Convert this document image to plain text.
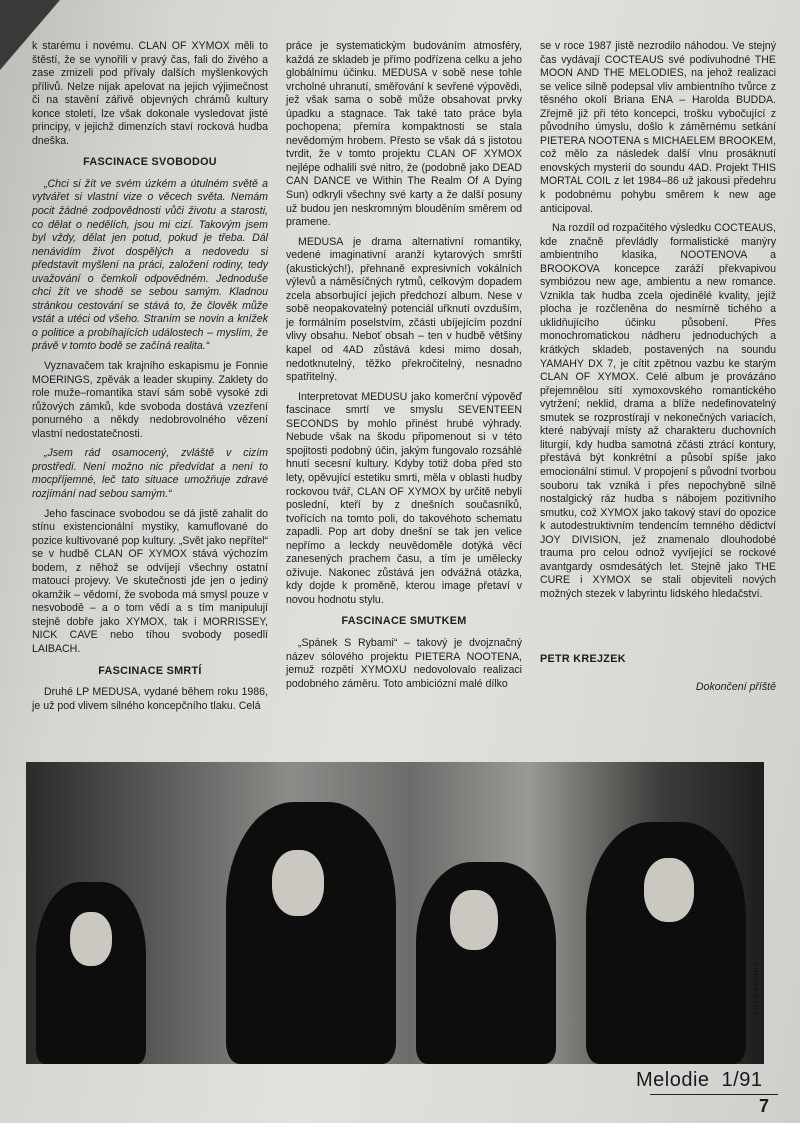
k starému i novému. CLAN OF XYMOX měli to štěstí, že se vynořili v pravý čas, fali do živého a zase zmizeli pod přívaly dalších myšlenkových přílivů. Nelze nijak apelovat na jejich výjimečnost či na stavění zářivě objevných chrámů kultury konce století, lze však dokonale vysledovat jisté principy, v jejichž dimenzích staví rocková hudba dneška.

FASCINACE SVOBODOU

„Chci si žít ve svém úzkém a útulném světě a vytvářet si vlastní vize o věcech světa. Nemám pocit žádné zodpovědnosti vůči životu a starosti, co dělat o nedělích, jsou mi cizí. Takovým jsem byl vždy, dělat jen potud, pokud je třeba. Dál nenávidím život dospělých a nedovedu si představit myšlení na práci, založení rodiny, tedy uvažování o čemkoli odpovědném. Jednoduše chci žít ve shodě se sebou samým. Kladnou stránkou cestování se stává to, že člověk může vstát a utéci od všeho. Straním se novin a knížek o politice a probíhajících událostech – myslím, že právě v tomto bodě se začíná realita.“

Vyznavačem tak krajního eskapismu je Fonnie MOERINGS, zpěvák a leader skupiny. Zaklety do role muže–romantika staví sám sobě vysoké zdi růžových zámků, kde svoboda dostává vzezření ponurného a někdy nedobrovolného vězení vlastní nedostatečnosti.

„Jsem rád osamocený, zvláště v cizím prostředí. Není možno nic předvídat a není to mocpříjemné, leč tato situace umožňuje zdravé rozjímání nad sebou samým.“

Jeho fascinace svobodou se dá jistě zahalit do stínu existencionální mystiky, kamuflované do pozice kultivované pop kultury. „Svět jako nepřítel“ se v hudbě CLAN OF XYMOX stává výchozím bodem, z něhož se odvíjejí všechny ostatní matoucí projevy. Ve skutečnosti jde jen o jediný okamžik – vědomí, že svoboda má smysl pouze v nesvobodě – a o tom vědí a s tím manipulují stejně dobře jako XYMOX, tak i MORRISSEY, NICK CAVE nebo tíhou svobody posedlí LAIBACH.

FASCINACE SMRTÍ

Druhé LP MEDUSA, vydané během roku 1986, je už pod vlivem silného koncepčního tlaku. Celá

práce je systematickým budováním atmosféry, každá ze skladeb je přímo podřízena celku a jeho globálnímu účinku. MEDUSA v sobě nese tohle vrcholné uhranutí, směřování k sevřené výpovědi, jež však sama o sobě může obsahovat prvky úpadku a stagnace. Tak také tato práce byla pochopena; přemíra kompaktnosti se stala nevědomým hrobem. Přesto se však dá s jistotou tvrdit, že v tomto projektu CLAN OF XYMOX nejlépe odhalili své nitro, že (podobně jako DEAD CAN DANCE ve Within The Realm Of A Dying Sun) odkryli všechny své karty a že další posuny už budou jen neskromným blouděním směrem od pramene.

MEDUSA je drama alternativní romantiky, vedené imaginativní aranží kytarových smrští (akustických!), přehnaně expresivních vokálních výlevů a náměsíčných rytmů, celkovým dopadem zcela absorbující jejich předchozí album. Nese v sobě neopakovatelný potenciál uřknutí ovzduším, je formálním poselstvím, zčásti ubíjejícím pozdní vlivy obsahu. Neboť obsah – ten v hudbě většiny kapel od 4AD zůstává kdesi mimo dosah, nedotknutelný, těžko překročitelný, nesnadno spatřitelný.

Interpretovat MEDUSU jako komerční výpověď fascinace smrtí ve smyslu SEVENTEEN SECONDS by mohlo přinést hrubé výhrady. Nebude však na škodu připomenout si v této spojitosti podobný účin, jakým fungovalo rozsáhlé hnutí secesní kultury. Kdyby totiž doba před sto lety, opěvující estetiku smrti, měla v oblasti hudby rockovou tvář, CLAN OF XYMOX by určitě nebyli poslední, kteří by z dnešních současníků, tvořících na tomto poli, do takovéhoto schematu zapadli. Pop art doby dnešní se tak jen velice nepřímo a leckdy neuvědoměle dotýká věcí zanesených prachem času, a tím je umělecky oživuje. Nakonec zůstává jen odvážná otázka, kdy dojde k proměně, kterou image přetaví v novou hodnotu stylu.

FASCINACE SMUTKEM

„Spánek S Rybami“ – takový je dvojznačný název sólového projektu PIETERA NOOTENA, jemuž rozpětí XYMOXU nedovolovalo realizaci podobného záměru. Toto ambiciózní malé dílko

se v roce 1987 jistě nezrodilo náhodou. Ve stejný čas vydávají COCTEAUS své podivuhodné THE MOON AND THE MELODIES, na jehož realizaci se velice silně podepsal vliv ambientního tvůrce z těsného okolí Briana ENA – Harolda BUDDA. Zřejmě již při této koncepci, trošku vybočující z původního úmyslu, došlo k záměrnému setkání PIETERA NOOTENA s MICHAELEM BROOKEM, což mělo za následek další vlnu prosáknutí enovských mysterií do soundu 4AD. Projekt THIS MORTAL COIL z let 1984–86 už jakousi předehru k podobnému pohybu směrem k new age anticipoval.

Na rozdíl od rozpačitého výsledku COCTEAUS, kde značně převládly formalistické manýry ambientního klasika, NOOTENOVA a BROOKOVA koncepce zaráží překvapivou symbiózou new age, ambientu a new romance. Vznikla tak hudba zcela ojedinělé kvality, jejíž plocha je rozčleněna do nesmírně tichého a uklidňujícího účinku působení. Přes monochromatickou nádheru jednoduchých a krátkých skladeb, postavených na soundu YAMAHY DX 7, je cítit zpětnou vazbu ke starým CLAN OF XYMOX. Celé album je provázáno přejemnělou sítí xymoxovského romantického vytržení; neklid, drama a blíže nedefinovatelný smutek se rozprostírají v nekonečných variacích, které nabývají místy až charakteru duchovních liturgií, kdy hudba samotná zčásti ztrácí kontury, přestává být konkrétní a působí spíše jako emocionální stimul. V propojení s původní tvorbou souboru tak vzniká i přes nepochybně silně nostalgický ráz hudba s nábojem pozitivního smutku, což XYMOX jako takový staví do opozice k autodestruktivním tendencím temného dědictví JOY DIVISION, jež znamenalo dlouhodobé trauma pro celou odnož vyvíjející se rockové avantgardy osmdesátých let. Stejně jako THE CURE i XYMOX se stali objeviteli nových možných stezek v labyrintu lidského hledačství.

PETR KREJZEK

Dokončení příště

FOTO ARCHIV
Melodie 1/91
7
